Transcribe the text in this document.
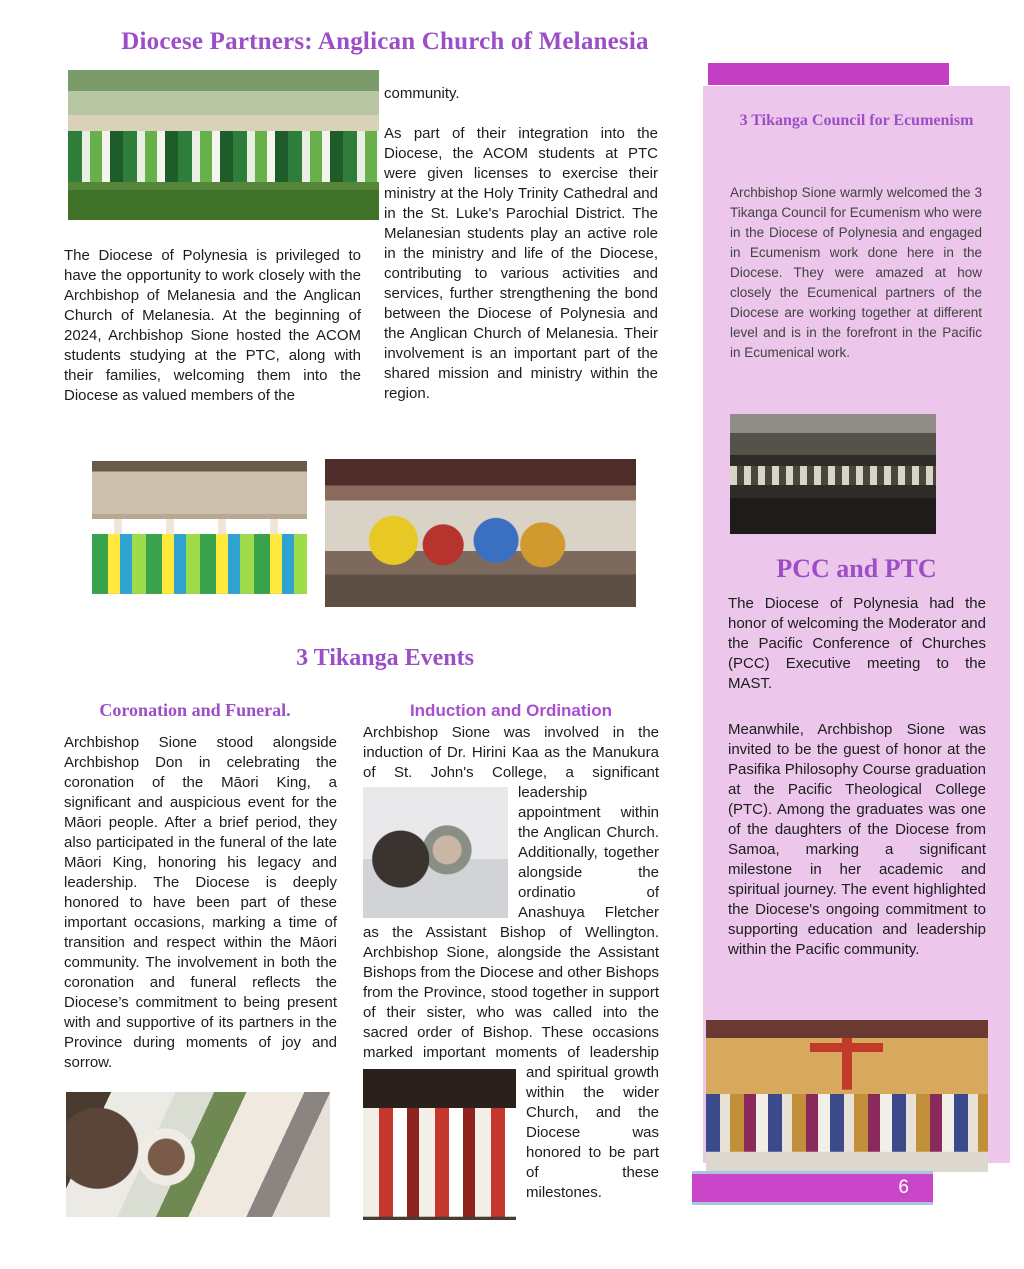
Diocese Partners: Anglican Church of Melanesia
The Diocese of Polynesia is privileged to have the opportunity to work closely with the Archbishop of Melanesia and the Anglican Church of Melanesia. At the beginning of 2024, Archbishop Sione hosted the ACOM students studying at the PTC, along with their families, welcoming them into the Diocese as valued members of the
community.
As part of their integration into the Diocese, the ACOM students at PTC were given licenses to exercise their ministry at the Holy Trinity Cathedral and in the St. Luke's Parochial District. The Melanesian students play an active role in the ministry and life of the Diocese, contributing to various activities and services, further strengthening the bond between the Diocese of Polynesia and the Anglican Church of Melanesia. Their involvement is an important part of the shared mission and ministry within the region.
3 Tikanga Events
Coronation and Funeral.
Archbishop Sione stood alongside Archbishop Don in celebrating the coronation of the Māori King, a significant and auspicious event for the Māori people. After a brief period, they also participated in the funeral of the late Māori King, honoring his legacy and leadership. The Diocese is deeply honored to have been part of these important occasions, marking a time of transition and respect within the Māori community. The involvement in both the coronation and funeral reflects the Diocese’s commitment to being present with and supportive of its partners in the Province during moments of joy and sorrow.
Induction and Ordination
Archbishop Sione was involved in the induction of Dr. Hirini Kaa as the Manukura of St. John's College, a significant leadership
appointment within the Anglican Church. Additionally, together alongside the ordinatio of Anashuya Fletcher as the Assistant Bishop of Wellington. Archbishop Sione, alongside the Assistant Bishops from the Diocese and other Bishops from the Province, stood together in support of their sister, who was called into the sacred order of Bishop. These occasions marked important moments
of leadership and spiritual growth within the wider Church, and the Diocese was honored to be part of these milestones.
3 Tikanga Council for Ecumenism
Archbishop Sione warmly welcomed the 3 Tikanga Council for Ecumenism who were in the Diocese of Polynesia and engaged in Ecumenism work done here in the Diocese. They were amazed at how closely the Ecumenical partners of the Diocese are working together at different level and is in the forefront in the Pacific in Ecumenical work.
PCC and PTC
The Diocese of Polynesia had the honor of welcoming the Moderator and the Pacific Conference of Churches (PCC) Executive meeting to the MAST.
Meanwhile, Archbishop Sione was invited to be the guest of honor at the Pasifika Philosophy Course graduation at the Pacific Theological College (PTC). Among the graduates was one of the daughters of the Diocese from Samoa, marking a significant milestone in her academic and spiritual journey. The event highlighted the Diocese's ongoing commitment to supporting education and leadership within the Pacific community.
6
